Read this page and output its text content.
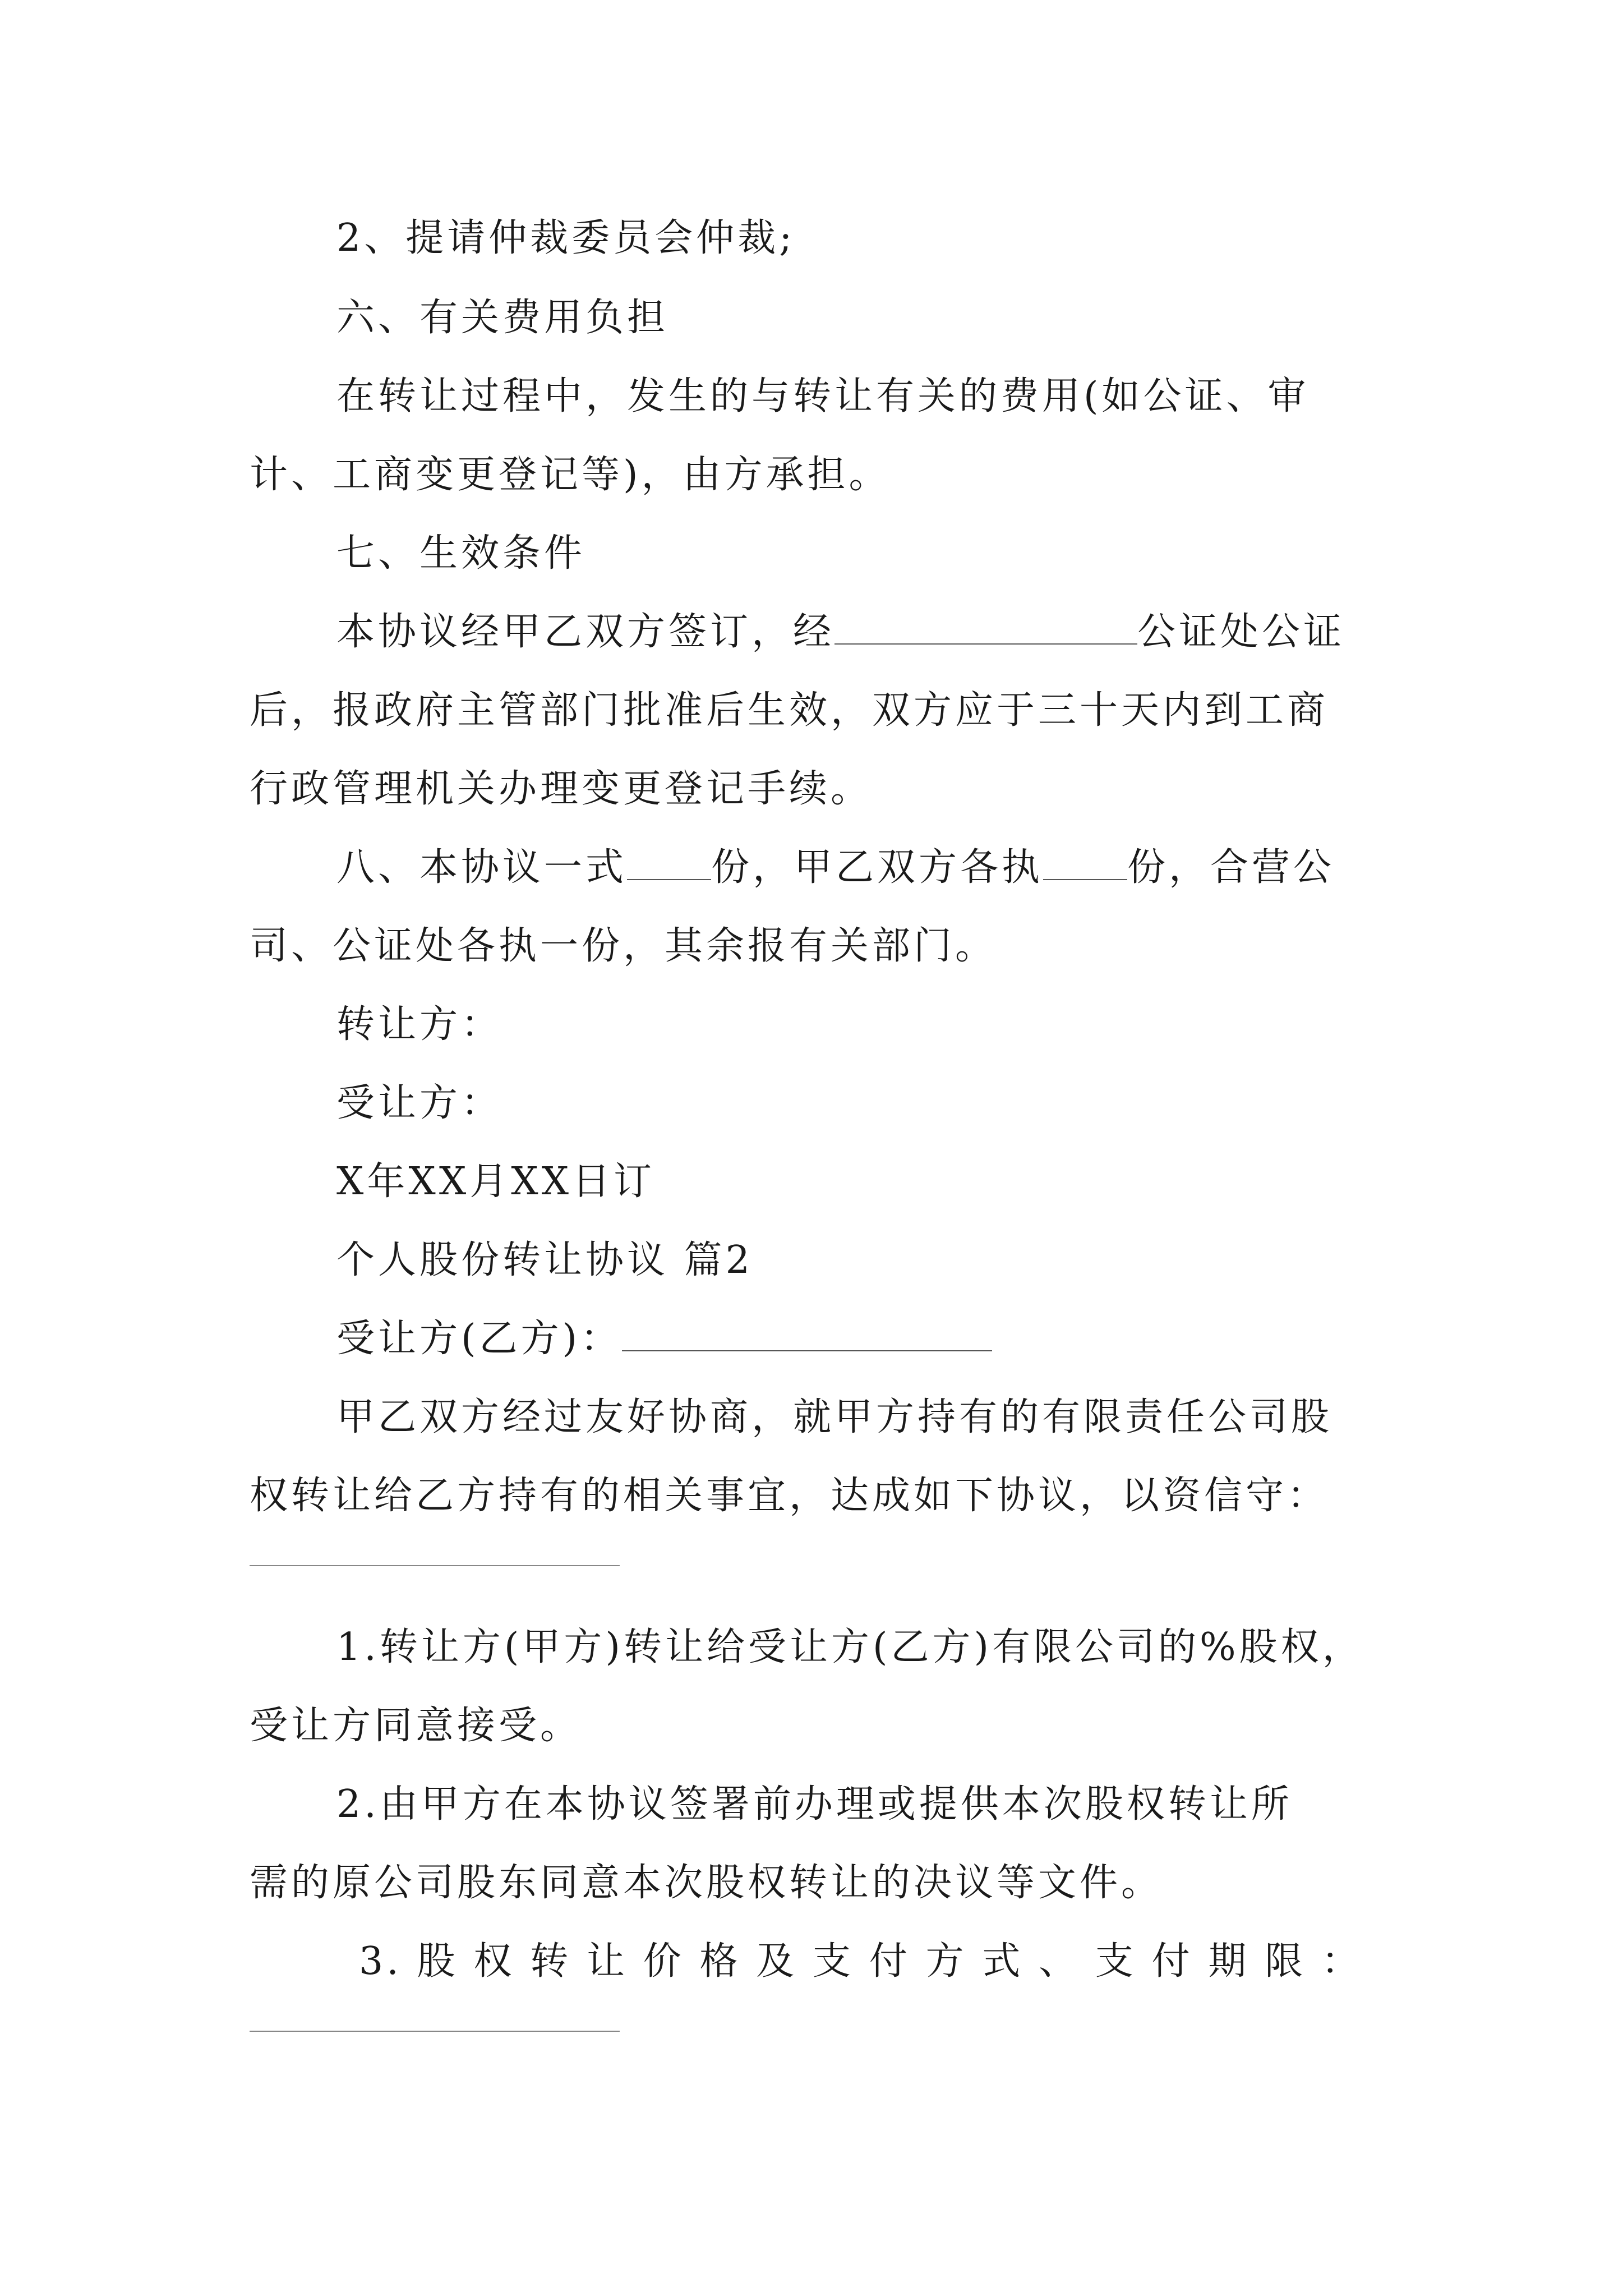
2、提请仲裁委员会仲裁;
六、有关费用负担
在转让过程中，发生的与转让有关的费用(如公证、审
计、工商变更登记等)，由方承担。
七、生效条件
本协议经甲乙双方签订，经	公证处公证
后，报政府主管部门批准后生效，双方应于三十天内到工商
行政管理机关办理变更登记手续。
八、本协议一式 份，甲乙双方各执 份，合营公
司、公证处各执一份，其余报有关部门。
转让方：
受让方：
X年XX月XX日订
个人股份转让协议 篇2
受让方(乙方)：
甲乙双方经过友好协商，就甲方持有的有限责任公司股
权转让给乙方持有的相关事宜，达成如下协议，以资信守：
1.转让方(甲方)转让给受让方(乙方)有限公司的%股权，
受让方同意接受。
2.由甲方在本协议签署前办理或提供本次股权转让所
需的原公司股东同意本次股权转让的决议等文件。
3.股权转让价格及支付方式、支付期限：
